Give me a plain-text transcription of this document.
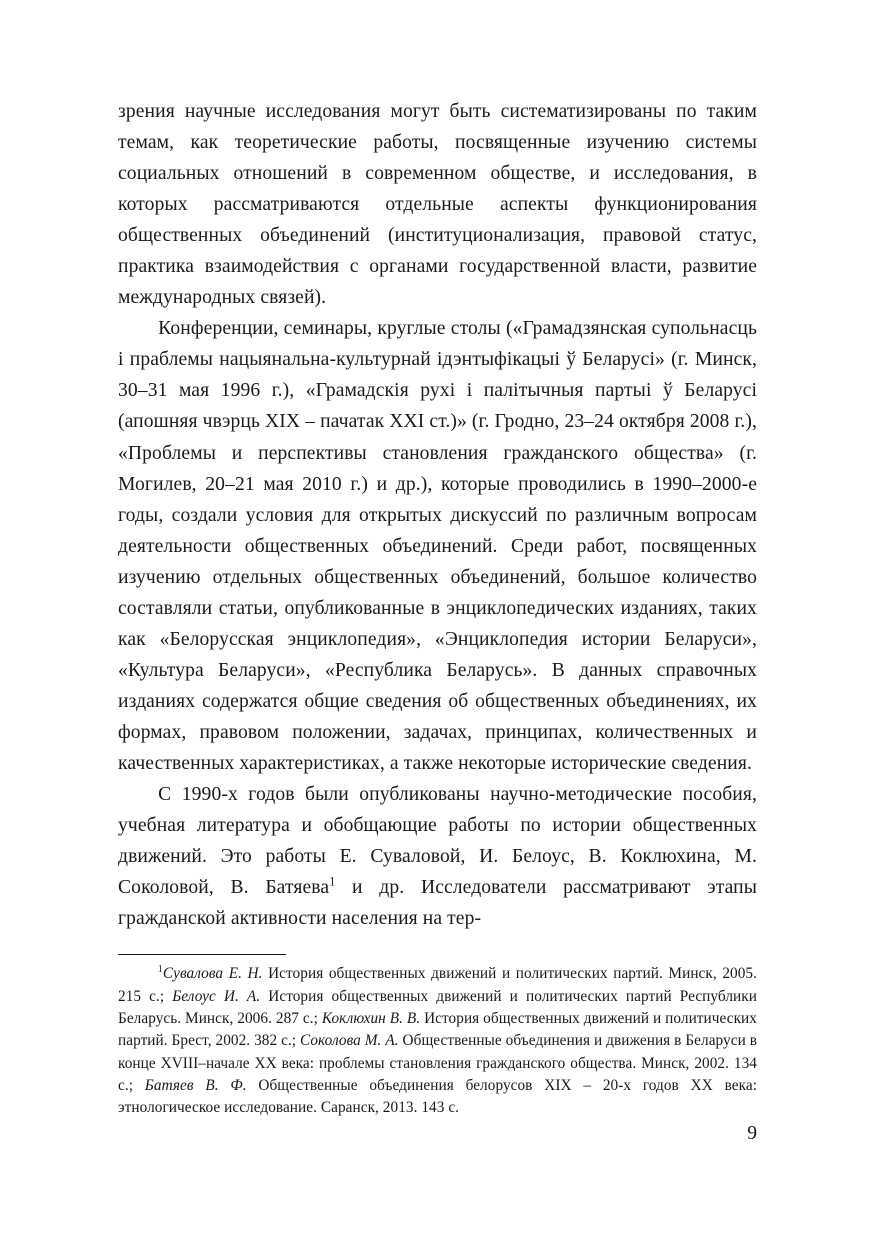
зрения научные исследования могут быть систематизированы по таким темам, как теоретические работы, посвященные изучению системы социальных отношений в современном обществе, и исследования, в которых рассматриваются отдельные аспекты функционирования общественных объединений (институционализация, правовой статус, практика взаимодействия с органами государственной власти, развитие международных связей).

Конференции, семинары, круглые столы («Грамадзянская супольнасць і праблемы нацыянальна-культурнай ідэнтыфікацыі ў Беларусі» (г. Минск, 30–31 мая 1996 г.), «Грамадскія рухі і палітычныя партыі ў Беларусі (апошняя чвэрць XIX – пачатак XXI ст.)» (г. Гродно, 23–24 октября 2008 г.), «Проблемы и перспективы становления гражданского общества» (г. Могилев, 20–21 мая 2010 г.) и др.), которые проводились в 1990–2000-е годы, создали условия для открытых дискуссий по различным вопросам деятельности общественных объединений. Среди работ, посвященных изучению отдельных общественных объединений, большое количество составляли статьи, опубликованные в энциклопедических изданиях, таких как «Белорусская энциклопедия», «Энциклопедия истории Беларуси», «Культура Беларуси», «Республика Беларусь». В данных справочных изданиях содержатся общие сведения об общественных объединениях, их формах, правовом положении, задачах, принципах, количественных и качественных характеристиках, а также некоторые исторические сведения.

С 1990-х годов были опубликованы научно-методические пособия, учебная литература и обобщающие работы по истории общественных движений. Это работы Е. Суваловой, И. Белоус, В. Коклюхина, М. Соколовой, В. Батяева$^1$ и др. Исследователи рассматривают этапы гражданской активности населения на тер-

$^1$Сувалова Е. Н. История общественных движений и политических партий. Минск, 2005. 215 с.; Белоус И. А. История общественных движений и политических партий Республики Беларусь. Минск, 2006. 287 с.; Коклюхин В. В. История общественных движений и политических партий. Брест, 2002. 382 с.; Соколова М. А. Общественные объединения и движения в Беларуси в конце XVIII–начале XX века: проблемы становления гражданского общества. Минск, 2002. 134 с.; Батяев В. Ф. Общественные объединения белорусов XIX – 20-х годов XX века: этнологическое исследование. Саранск, 2013. 143 с.

9
